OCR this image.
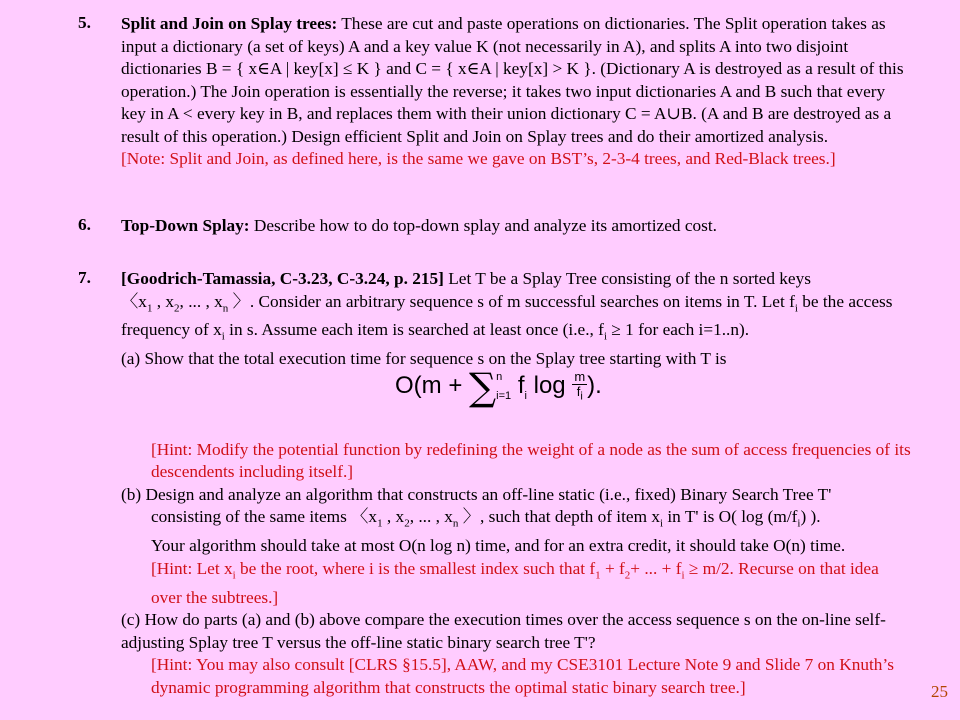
5. Split and Join on Splay trees: These are cut and paste operations on dictionaries. The Split operation takes as input a dictionary (a set of keys) A and a key value K (not necessarily in A), and splits A into two disjoint dictionaries B = { x∈A | key[x] ≤ K } and C = { x∈A | key[x] > K }. (Dictionary A is destroyed as a result of this operation.) The Join operation is essentially the reverse; it takes two input dictionaries A and B such that every key in A < every key in B, and replaces them with their union dictionary C = A∪B. (A and B are destroyed as a result of this operation.) Design efficient Split and Join on Splay trees and do their amortized analysis.
[Note: Split and Join, as defined here, is the same we gave on BST’s, 2-3-4 trees, and Red-Black trees.]
6. Top-Down Splay: Describe how to do top-down splay and analyze its amortized cost.
7. [Goodrich-Tamassia, C-3.23, C-3.24, p. 215] Let T be a Splay Tree consisting of the n sorted keys
〈$x_1$ , $x_2$, ... , $x_n$ 〉. Consider an arbitrary sequence s of m successful searches on items in T. Let $f_i$ be the access frequency of $x_i$ in s. Assume each item is searched at least once (i.e., $f_i \ge 1$ for each i=1..n).
(a) Show that the total execution time for sequence s on the Splay tree starting with T is
[Hint: Modify the potential function by redefining the weight of a node as the sum of access frequencies of its descendents including itself.]
(b) Design and analyze an algorithm that constructs an off-line static (i.e., fixed) Binary Search Tree T'
consisting of the same items 〈$x_1$ , $x_2$, ... , $x_n$ 〉, such that depth of item $x_i$ in T' is O( $\log (m/f_i)$ ).
Your algorithm should take at most O(n log n) time, and for an extra credit, it should take O(n) time.
[Hint: Let $x_i$ be the root, where i is the smallest index such that $f_1 + f_2+$ ... + $f_i \ge m/2$. Recurse on that idea over the subtrees.]
(c) How do parts (a) and (b) above compare the execution times over the access sequence s on the on-line self-adjusting Splay tree T versus the off-line static binary search tree T'?
[Hint: You may also consult [CLRS §15.5], AAW, and my CSE3101 Lecture Note 9 and Slide 7 on Knuth’s dynamic programming algorithm that constructs the optimal static binary search tree.]
O(m + ∑$^n$
$_{i=1}$ $f_i$ $\log \frac{m}{f_i}$ ).
25
